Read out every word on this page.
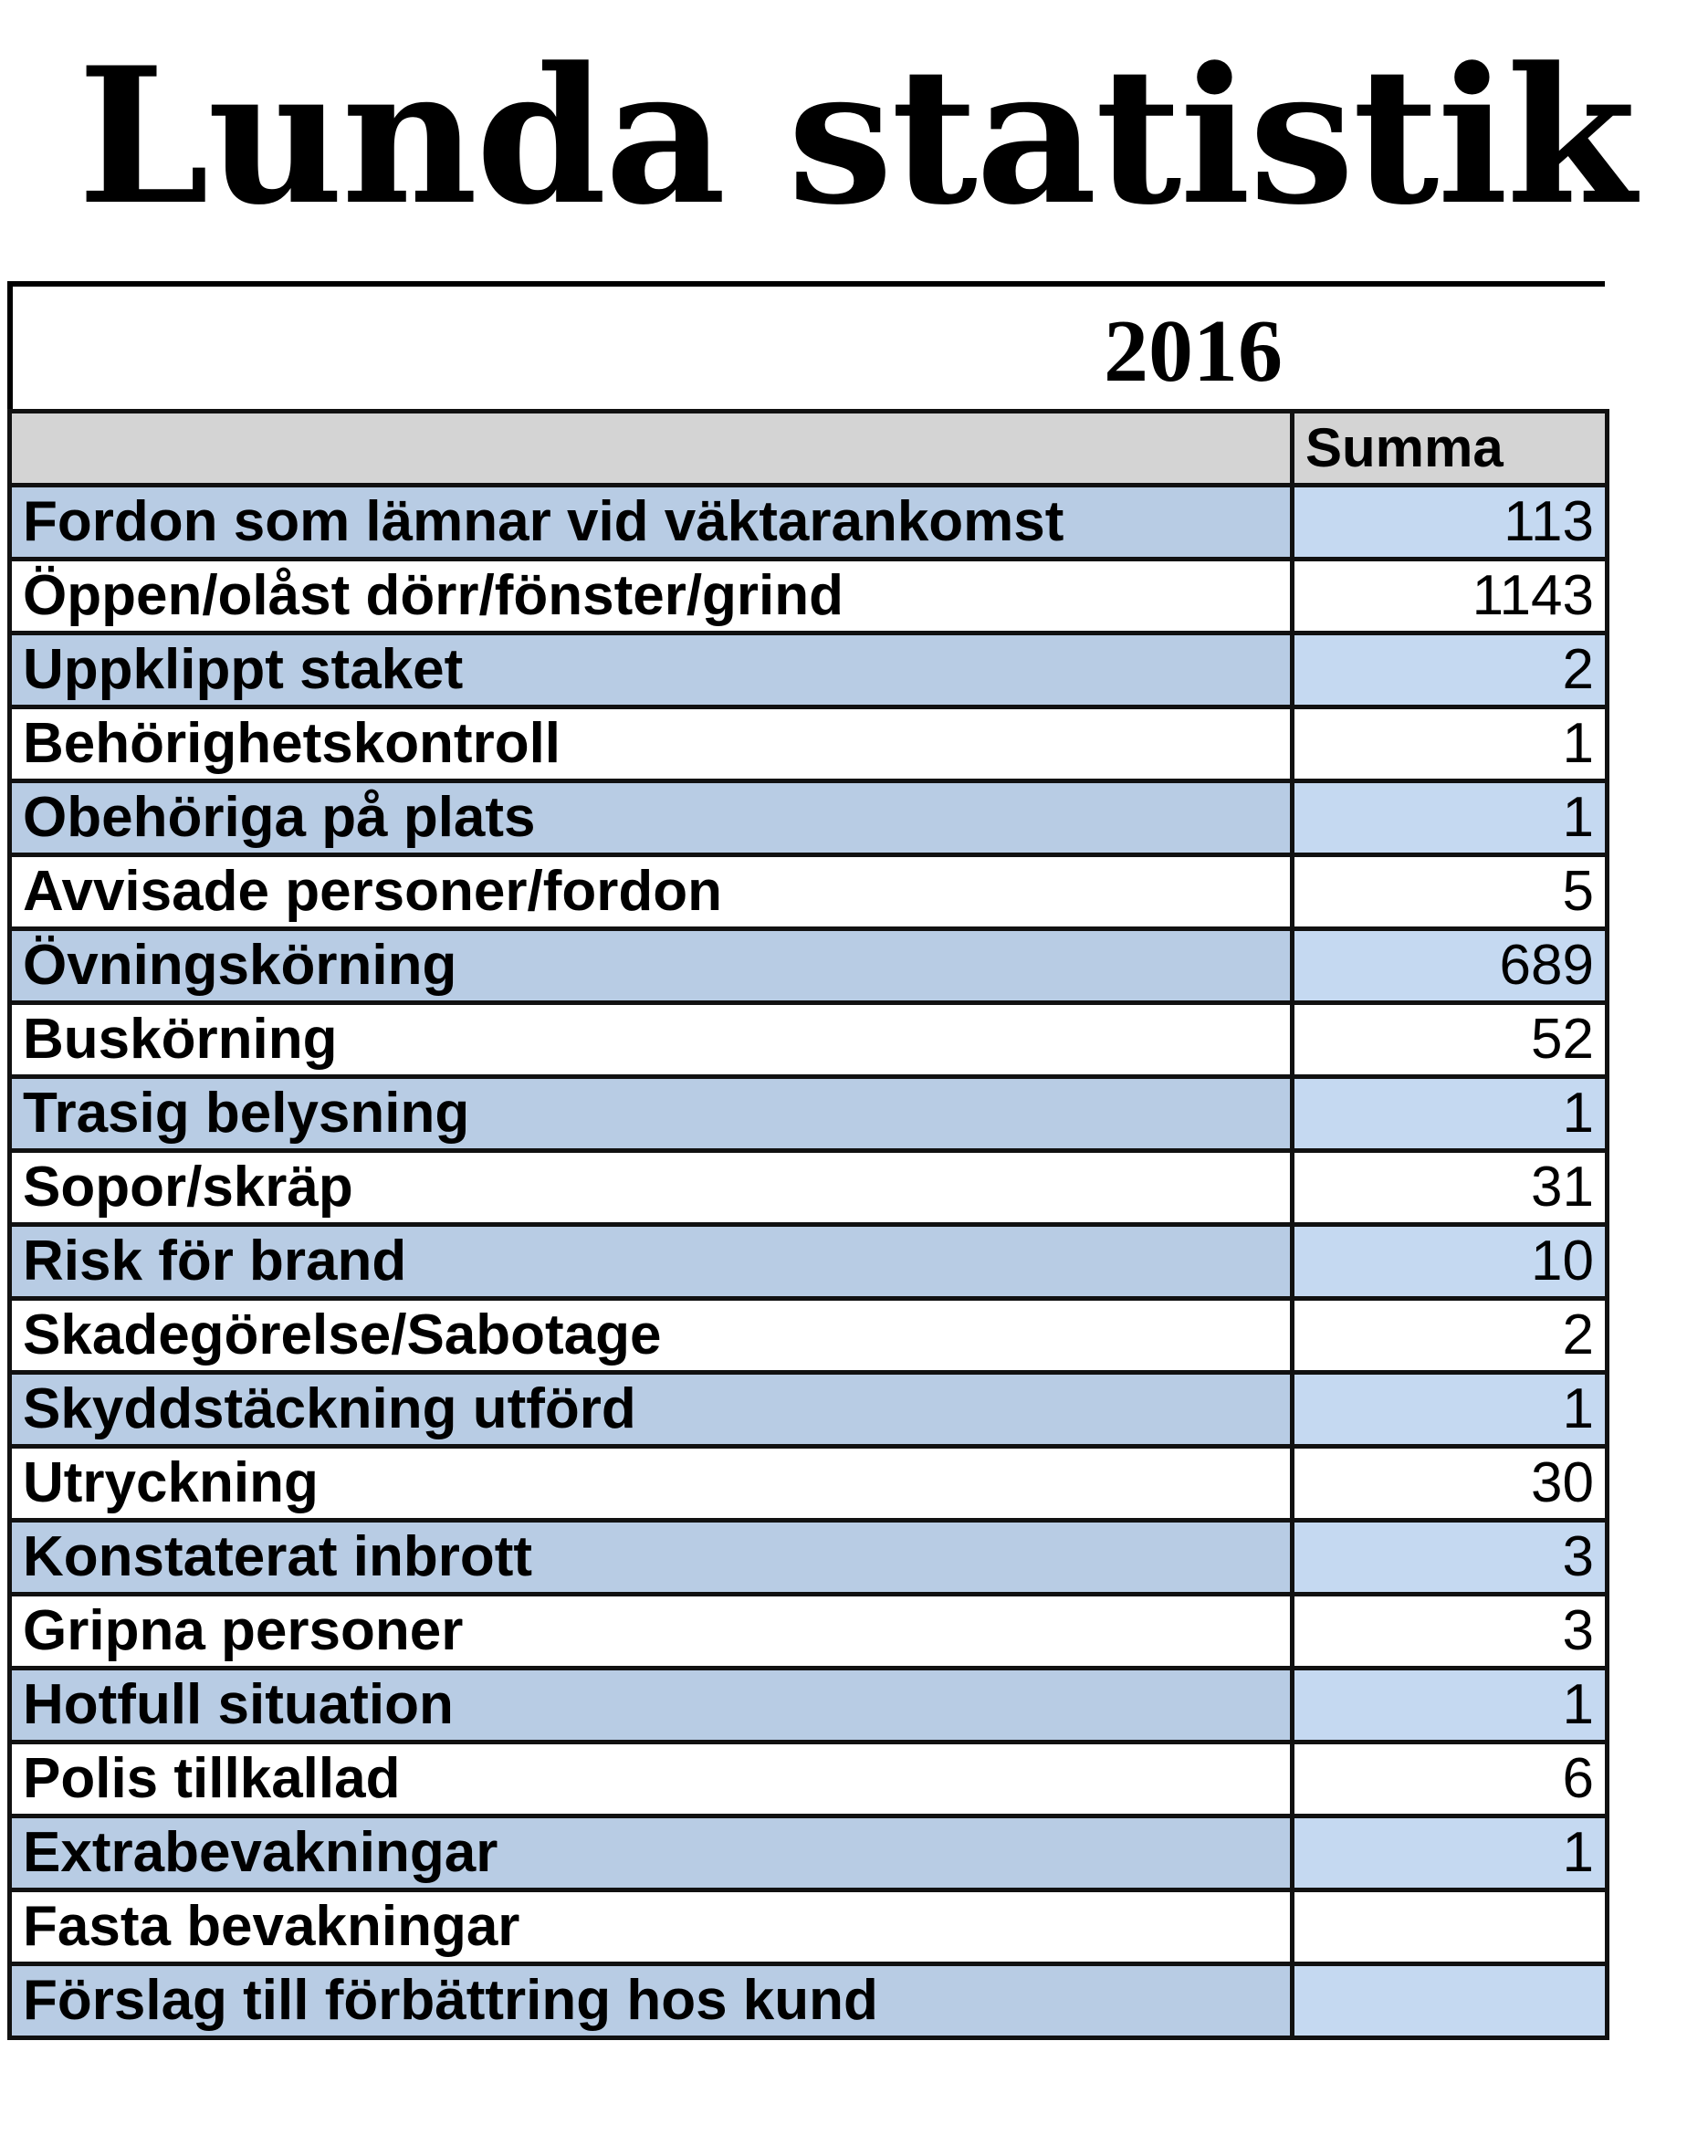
Lunda statistik
2016
	Summa
Fordon som lämnar vid väktarankomst	113
Öppen/olåst dörr/fönster/grind	1143
Uppklippt staket	2
Behörighetskontroll	1
Obehöriga på plats	1
Avvisade personer/fordon	5
Övningskörning	689
Buskörning	52
Trasig belysning	1
Sopor/skräp	31
Risk för brand	10
Skadegörelse/Sabotage	2
Skyddstäckning utförd	1
Utryckning	30
Konstaterat inbrott	3
Gripna personer	3
Hotfull situation	1
Polis tillkallad	6
Extrabevakningar	1
Fasta bevakningar	
Förslag till förbättring hos kund	
